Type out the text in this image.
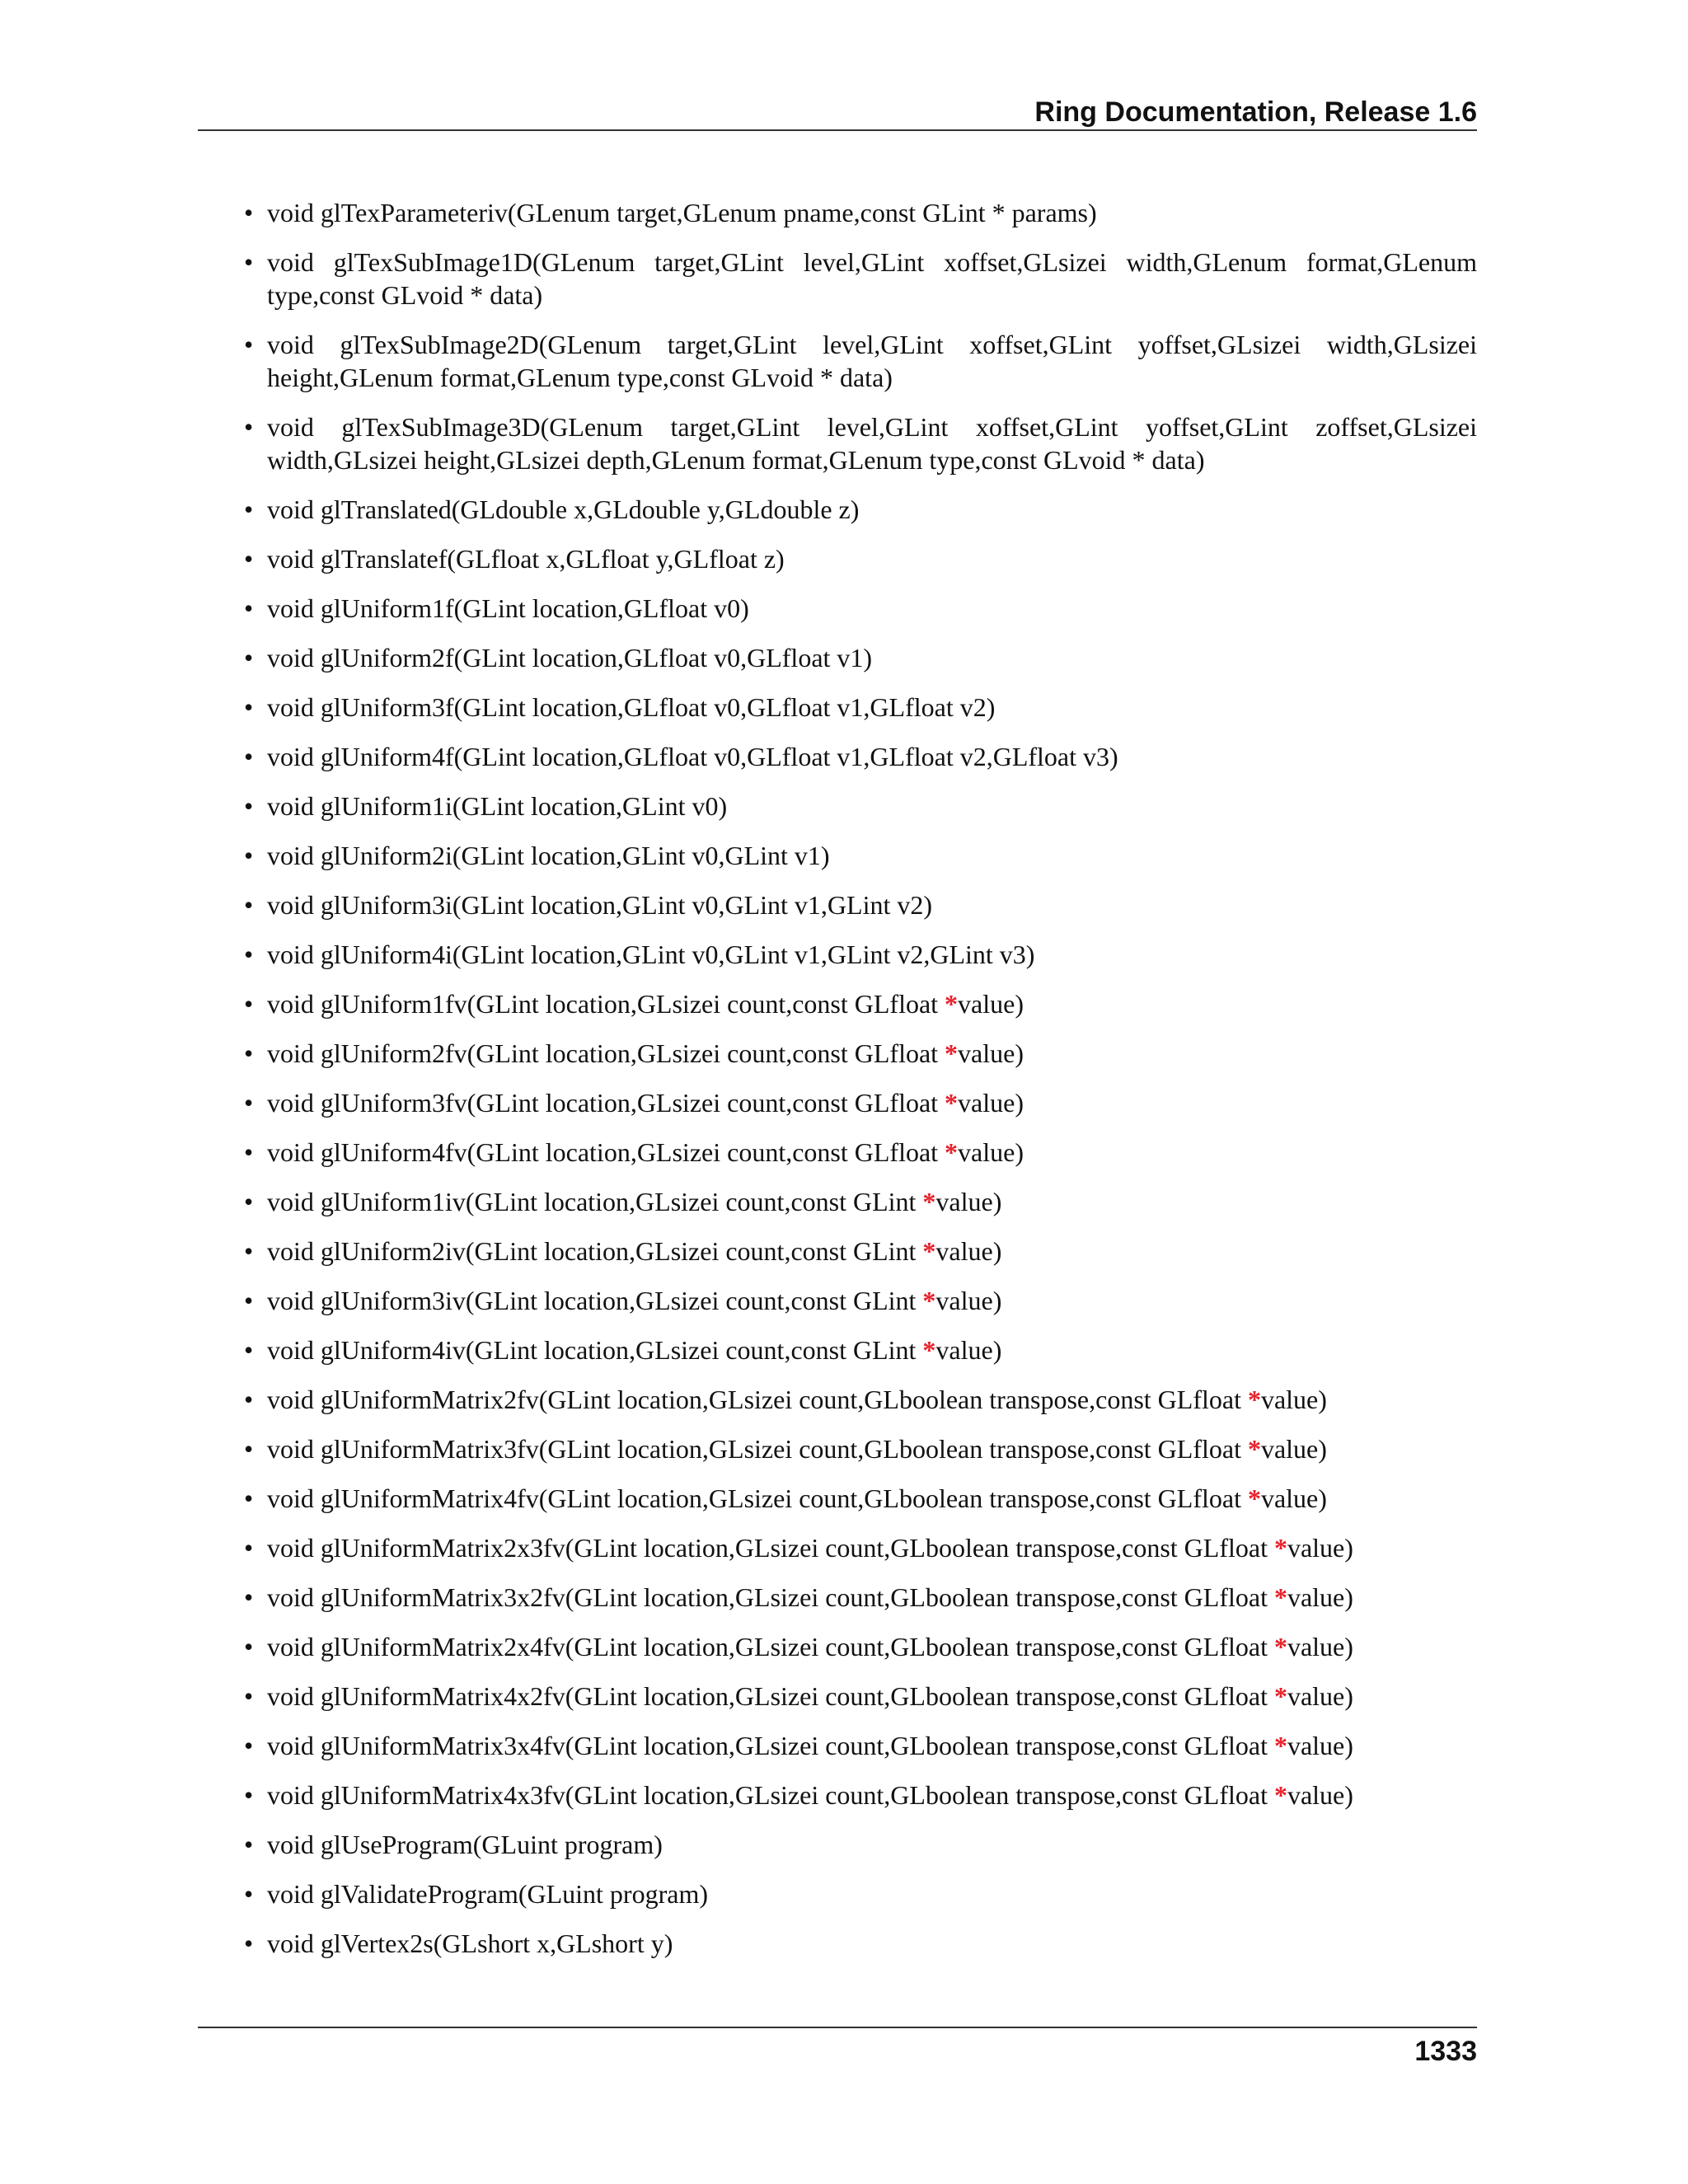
Ring Documentation, Release 1.6
• void glTexParameteriv(GLenum target,GLenum pname,const GLint * params)
• void glTexSubImage1D(GLenum target,GLint level,GLint xoffset,GLsizei width,GLenum format,GLenum type,const GLvoid * data)
• void glTexSubImage2D(GLenum target,GLint level,GLint xoffset,GLint yoffset,GLsizei width,GLsizei height,GLenum format,GLenum type,const GLvoid * data)
• void glTexSubImage3D(GLenum target,GLint level,GLint xoffset,GLint yoffset,GLint zoffset,GLsizei width,GLsizei height,GLsizei depth,GLenum format,GLenum type,const GLvoid * data)
• void glTranslated(GLdouble x,GLdouble y,GLdouble z)
• void glTranslatef(GLfloat x,GLfloat y,GLfloat z)
• void glUniform1f(GLint location,GLfloat v0)
• void glUniform2f(GLint location,GLfloat v0,GLfloat v1)
• void glUniform3f(GLint location,GLfloat v0,GLfloat v1,GLfloat v2)
• void glUniform4f(GLint location,GLfloat v0,GLfloat v1,GLfloat v2,GLfloat v3)
• void glUniform1i(GLint location,GLint v0)
• void glUniform2i(GLint location,GLint v0,GLint v1)
• void glUniform3i(GLint location,GLint v0,GLint v1,GLint v2)
• void glUniform4i(GLint location,GLint v0,GLint v1,GLint v2,GLint v3)
• void glUniform1fv(GLint location,GLsizei count,const GLfloat *value)
• void glUniform2fv(GLint location,GLsizei count,const GLfloat *value)
• void glUniform3fv(GLint location,GLsizei count,const GLfloat *value)
• void glUniform4fv(GLint location,GLsizei count,const GLfloat *value)
• void glUniform1iv(GLint location,GLsizei count,const GLint *value)
• void glUniform2iv(GLint location,GLsizei count,const GLint *value)
• void glUniform3iv(GLint location,GLsizei count,const GLint *value)
• void glUniform4iv(GLint location,GLsizei count,const GLint *value)
• void glUniformMatrix2fv(GLint location,GLsizei count,GLboolean transpose,const GLfloat *value)
• void glUniformMatrix3fv(GLint location,GLsizei count,GLboolean transpose,const GLfloat *value)
• void glUniformMatrix4fv(GLint location,GLsizei count,GLboolean transpose,const GLfloat *value)
• void glUniformMatrix2x3fv(GLint location,GLsizei count,GLboolean transpose,const GLfloat *value)
• void glUniformMatrix3x2fv(GLint location,GLsizei count,GLboolean transpose,const GLfloat *value)
• void glUniformMatrix2x4fv(GLint location,GLsizei count,GLboolean transpose,const GLfloat *value)
• void glUniformMatrix4x2fv(GLint location,GLsizei count,GLboolean transpose,const GLfloat *value)
• void glUniformMatrix3x4fv(GLint location,GLsizei count,GLboolean transpose,const GLfloat *value)
• void glUniformMatrix4x3fv(GLint location,GLsizei count,GLboolean transpose,const GLfloat *value)
• void glUseProgram(GLuint program)
• void glValidateProgram(GLuint program)
• void glVertex2s(GLshort x,GLshort y)
1333
